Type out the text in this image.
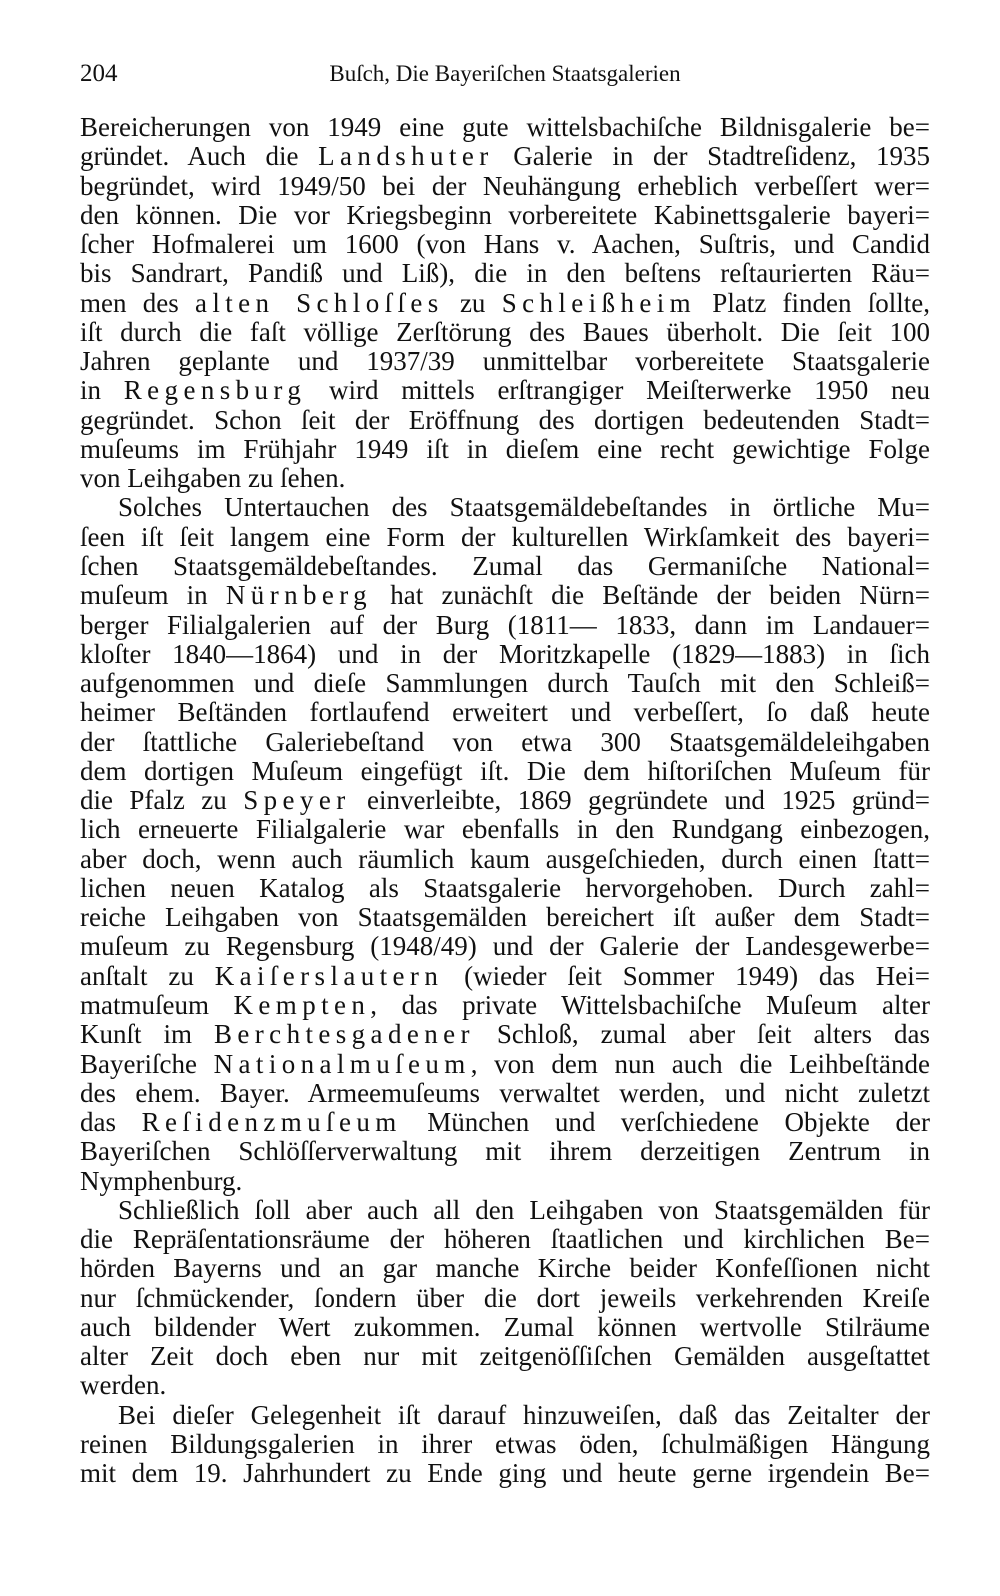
204	Buſch, Die Bayeriſchen Staatsgalerien
Bereicherungen von 1949 eine gute wittelsbachiſche Bildnisgalerie be=
gründet. Auch die Landshuter Galerie in der Stadtreſidenz, 1935
begründet, wird 1949/50 bei der Neuhängung erheblich verbeſſert wer=
den können. Die vor Kriegsbeginn vorbereitete Kabinettsgalerie bayeri=
ſcher Hofmalerei um 1600 (von Hans v. Aachen, Suſtris, und Candid
bis Sandrart, Pandiß und Liß), die in den beſtens reſtaurierten Räu=
men des alten Schloſſes zu Schleißheim Platz finden ſollte,
iſt durch die faſt völlige Zerſtörung des Baues überholt. Die ſeit 100
Jahren geplante und 1937/39 unmittelbar vorbereitete Staatsgalerie
in Regensburg wird mittels erſtrangiger Meiſterwerke 1950 neu
gegründet. Schon ſeit der Eröffnung des dortigen bedeutenden Stadt=
muſeums im Frühjahr 1949 iſt in dieſem eine recht gewichtige Folge
von Leihgaben zu ſehen.
Solches Untertauchen des Staatsgemäldebeſtandes in örtliche Mu=
ſeen iſt ſeit langem eine Form der kulturellen Wirkſamkeit des bayeri=
ſchen Staatsgemäldebeſtandes. Zumal das Germaniſche National=
muſeum in Nürnberg hat zunächſt die Beſtände der beiden Nürn=
berger Filialgalerien auf der Burg (1811— 1833, dann im Landauer=
kloſter 1840—1864) und in der Moritzkapelle (1829—1883) in ſich
aufgenommen und dieſe Sammlungen durch Tauſch mit den Schleiß=
heimer Beſtänden fortlaufend erweitert und verbeſſert, ſo daß heute
der ſtattliche Galeriebeſtand von etwa 300 Staatsgemäldeleihgaben
dem dortigen Muſeum eingefügt iſt. Die dem hiſtoriſchen Muſeum für
die Pfalz zu Speyer einverleibte, 1869 gegründete und 1925 gründ=
lich erneuerte Filialgalerie war ebenfalls in den Rundgang einbezogen,
aber doch, wenn auch räumlich kaum ausgeſchieden, durch einen ſtatt=
lichen neuen Katalog als Staatsgalerie hervorgehoben. Durch zahl=
reiche Leihgaben von Staatsgemälden bereichert iſt außer dem Stadt=
muſeum zu Regensburg (1948/49) und der Galerie der Landesgewerbe=
anſtalt zu Kaiſerslautern (wieder ſeit Sommer 1949) das Hei=
matmuſeum Kempten, das private Wittelsbachiſche Muſeum alter
Kunſt im Berchtesgadener Schloß, zumal aber ſeit alters das
Bayeriſche Nationalmuſeum, von dem nun auch die Leihbeſtände
des ehem. Bayer. Armeemuſeums verwaltet werden, und nicht zuletzt
das Reſidenzmuſeum München und verſchiedene Objekte der
Bayeriſchen Schlöſſerverwaltung mit ihrem derzeitigen Zentrum in
Nymphenburg.
Schließlich ſoll aber auch all den Leihgaben von Staatsgemälden für
die Repräſentationsräume der höheren ſtaatlichen und kirchlichen Be=
hörden Bayerns und an gar manche Kirche beider Konfeſſionen nicht
nur ſchmückender, ſondern über die dort jeweils verkehrenden Kreiſe
auch bildender Wert zukommen. Zumal können wertvolle Stilräume
alter Zeit doch eben nur mit zeitgenöſſiſchen Gemälden ausgeſtattet
werden.
Bei dieſer Gelegenheit iſt darauf hinzuweiſen, daß das Zeitalter der
reinen Bildungsgalerien in ihrer etwas öden, ſchulmäßigen Hängung
mit dem 19. Jahrhundert zu Ende ging und heute gerne irgendein Be=
